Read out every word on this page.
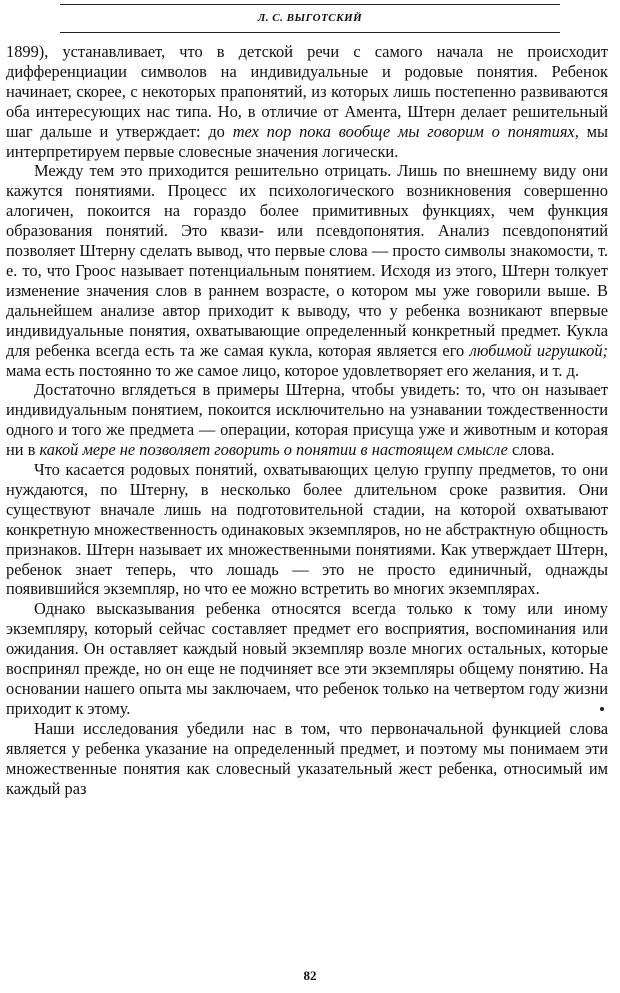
Л. С. ВЫГОТСКИЙ

1899), устанавливает, что в детской речи с самого начала не происходит дифференциации символов на индивидуальные и родовые понятия. Ребенок начинает, скорее, с некоторых прапонятий, из которых лишь постепенно развиваются оба интересующих нас типа. Но, в отличие от Амента, Штерн делает решительный шаг дальше и утверждает: до тех пор пока вообще мы говорим о понятиях, мы интерпретируем первые словесные значения логически.

Между тем это приходится решительно отрицать. Лишь по внешнему виду они кажутся понятиями. Процесс их психологического возникновения совершенно алогичен, покоится на гораздо более примитивных функциях, чем функция образования понятий. Это квази- или псевдопонятия. Анализ псевдопонятий позволяет Штерну сделать вывод, что первые слова — просто символы знакомости, т. е. то, что Гроос называет потенциальным понятием. Исходя из этого, Штерн толкует изменение значения слов в раннем возрасте, о котором мы уже говорили выше. В дальнейшем анализе автор приходит к выводу, что у ребенка возникают впервые индивидуальные понятия, охватывающие определенный конкретный предмет. Кукла для ребенка всегда есть та же самая кукла, которая является его любимой игрушкой; мама есть постоянно то же самое лицо, которое удовлетворяет его желания, и т. д.

Достаточно вглядеться в примеры Штерна, чтобы увидеть: то, что он называет индивидуальным понятием, покоится исключительно на узнавании тождественности одного и того же предмета — операции, которая присуща уже и животным и которая ни в какой мере не позволяет говорить о понятии в настоящем смысле слова.

Что касается родовых понятий, охватывающих целую группу предметов, то они нуждаются, по Штерну, в несколько более длительном сроке развития. Они существуют вначале лишь на подготовительной стадии, на которой охватывают конкретную множественность одинаковых экземпляров, но не абстрактную общность признаков. Штерн называет их множественными понятиями. Как утверждает Штерн, ребенок знает теперь, что лошадь — это не просто единичный, однажды появившийся экземпляр, но что ее можно встретить во многих экземплярах.

Однако высказывания ребенка относятся всегда только к тому или иному экземпляру, который сейчас составляет предмет его восприятия, воспоминания или ожидания. Он оставляет каждый новый экземпляр возле многих остальных, которые воспринял прежде, но он еще не подчиняет все эти экземпляры общему понятию. На основании нашего опыта мы заключаем, что ребенок только на четвертом году жизни приходит к этому.

Наши исследования убедили нас в том, что первоначальной функцией слова является у ребенка указание на определенный предмет, и поэтому мы понимаем эти множественные понятия как словесный указательный жест ребенка, относимый им каждый раз

82
